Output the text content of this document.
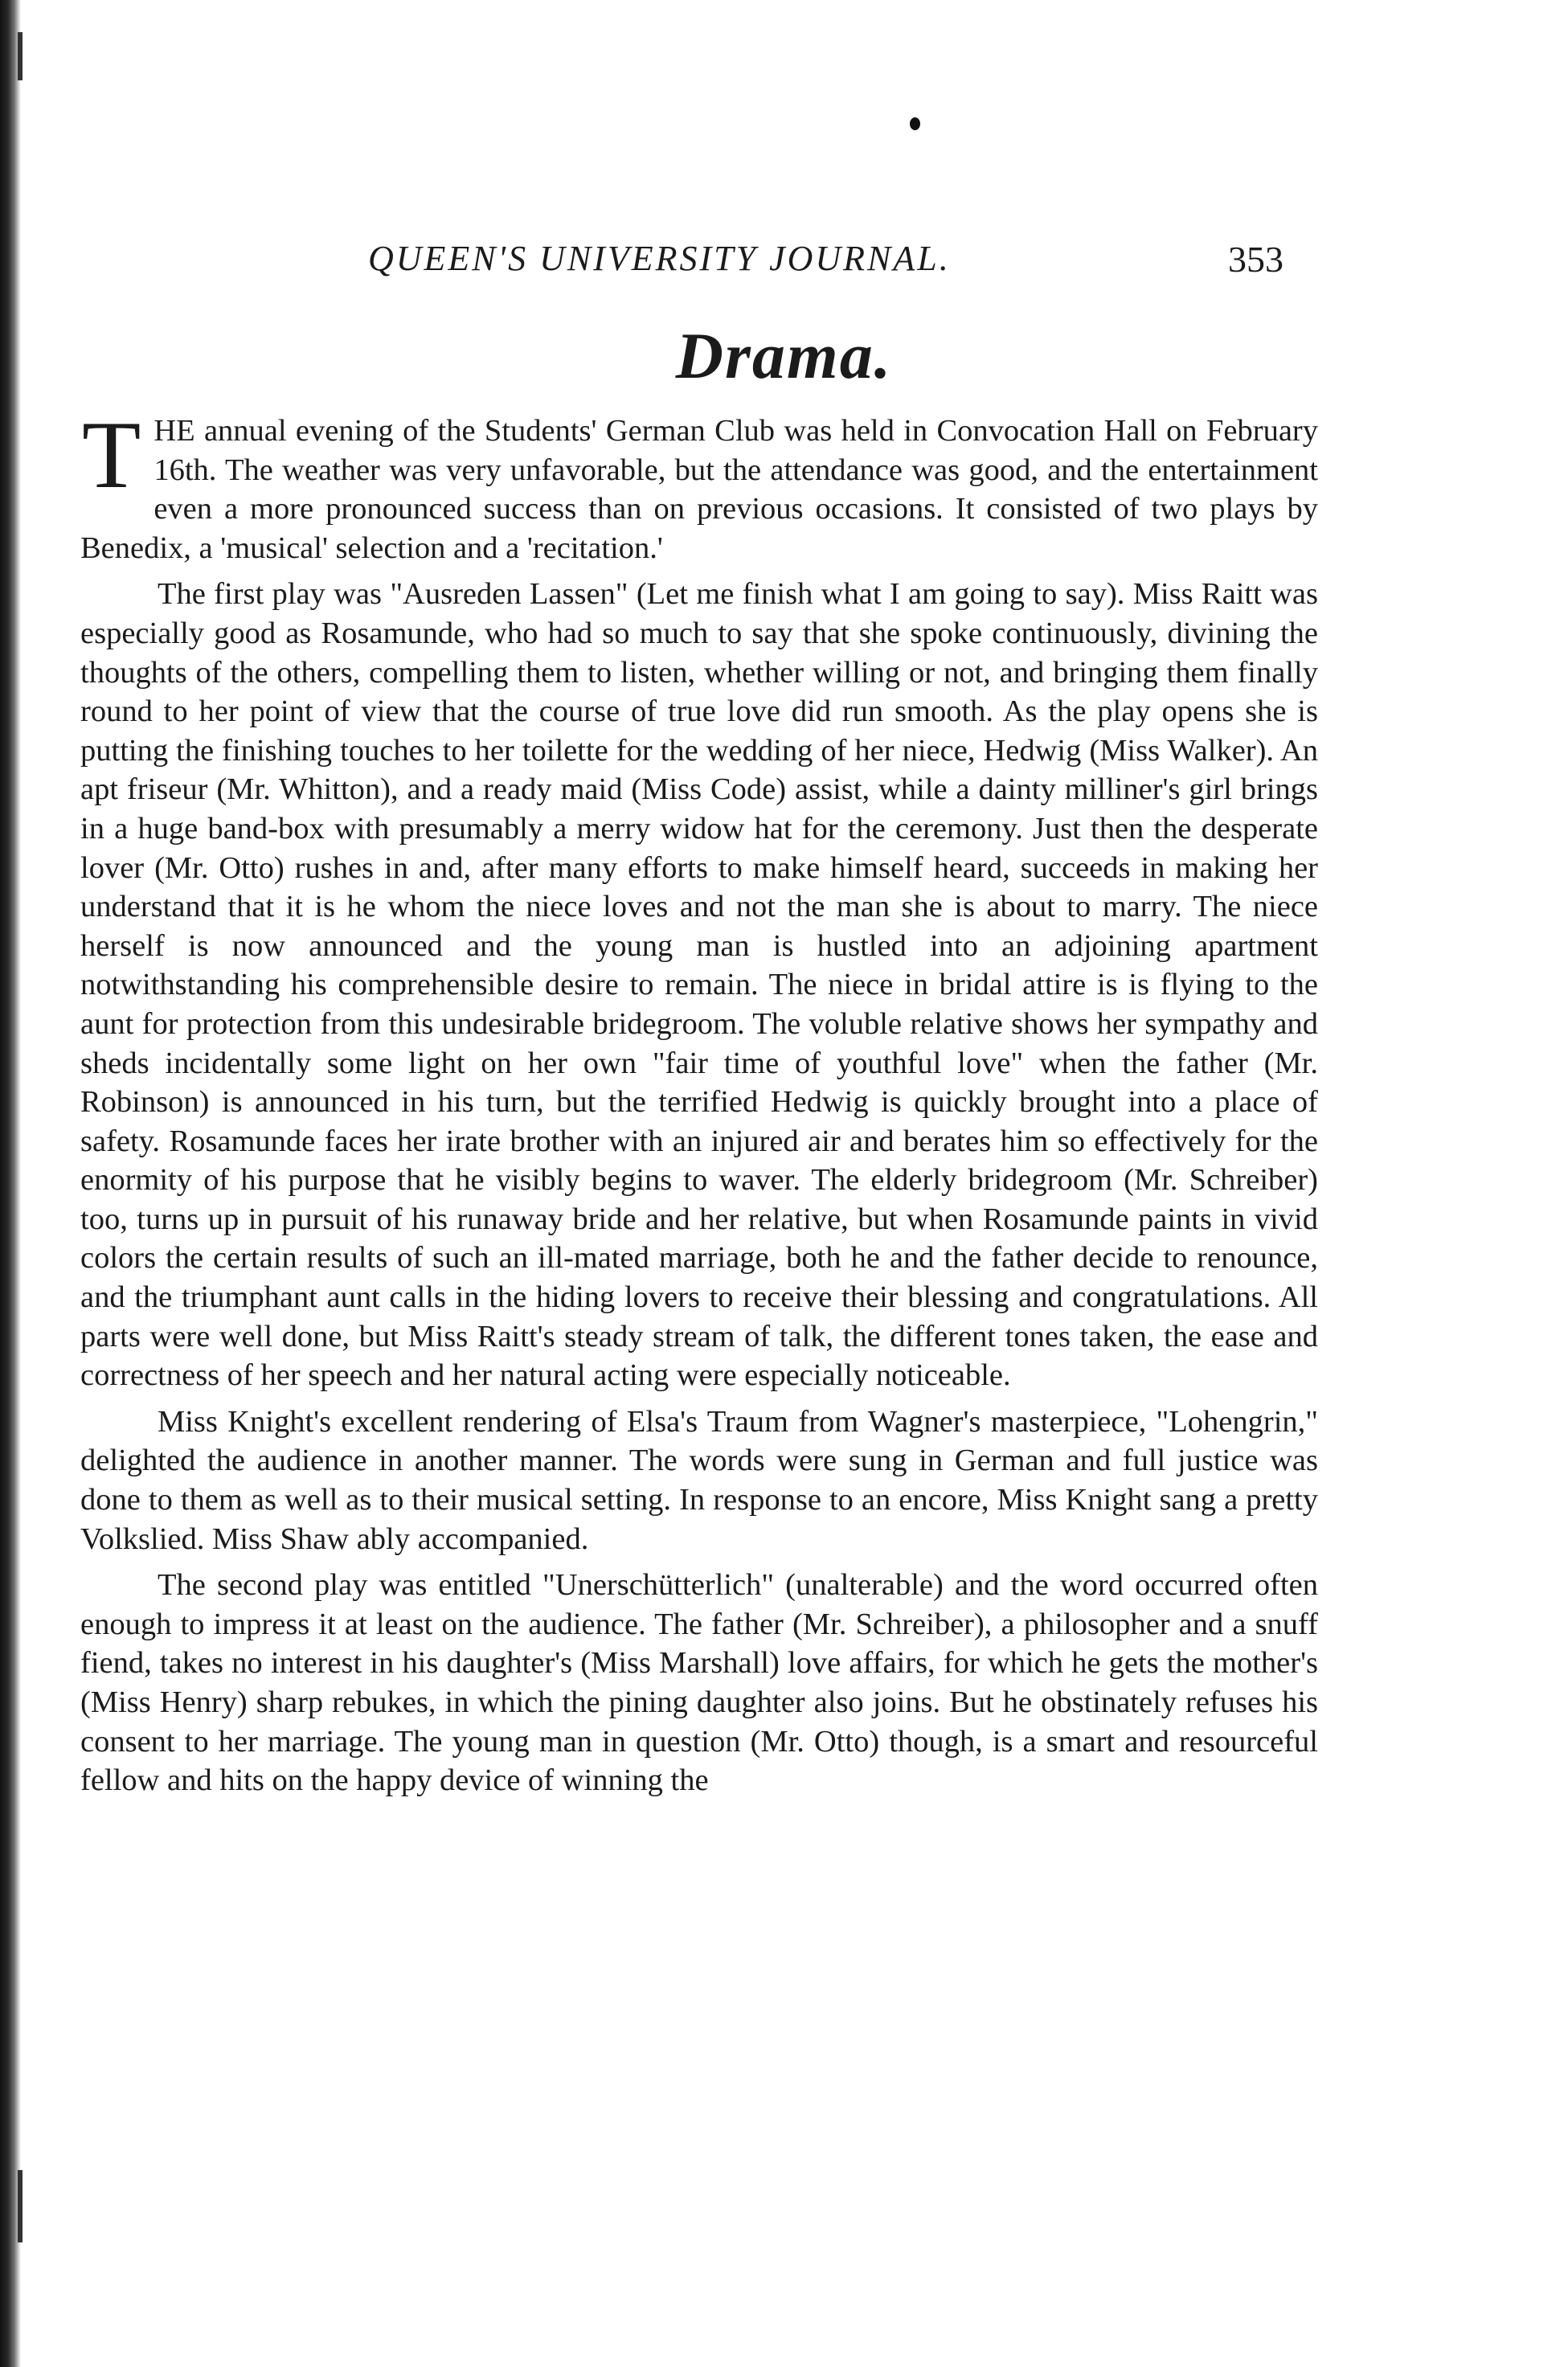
QUEEN'S UNIVERSITY JOURNAL.	353
Drama.

THE annual evening of the Students' German Club was held in Convocation Hall on February 16th. The weather was very unfavorable, but the attendance was good, and the entertainment even a more pronounced success than on previous occasions. It consisted of two plays by Benedix, a 'musical' selection and a 'recitation.'

The first play was "Ausreden Lassen" (Let me finish what I am going to say). Miss Raitt was especially good as Rosamunde, who had so much to say that she spoke continuously, divining the thoughts of the others, compelling them to listen, whether willing or not, and bringing them finally round to her point of view that the course of true love did run smooth. As the play opens she is putting the finishing touches to her toilette for the wedding of her niece, Hedwig (Miss Walker). An apt friseur (Mr. Whitton), and a ready maid (Miss Code) assist, while a dainty milliner's girl brings in a huge band-box with presumably a merry widow hat for the ceremony. Just then the desperate lover (Mr. Otto) rushes in and, after many efforts to make himself heard, succeeds in making her understand that it is he whom the niece loves and not the man she is about to marry. The niece herself is now announced and the young man is hustled into an adjoining apartment notwithstanding his comprehensible desire to remain. The niece in bridal attire is is flying to the aunt for protection from this undesirable bridegroom. The voluble relative shows her sympathy and sheds incidentally some light on her own "fair time of youthful love" when the father (Mr. Robinson) is announced in his turn, but the terrified Hedwig is quickly brought into a place of safety. Rosamunde faces her irate brother with an injured air and berates him so effectively for the enormity of his purpose that he visibly begins to waver. The elderly bridegroom (Mr. Schreiber) too, turns up in pursuit of his runaway bride and her relative, but when Rosamunde paints in vivid colors the certain results of such an ill-mated marriage, both he and the father decide to renounce, and the triumphant aunt calls in the hiding lovers to receive their blessing and congratulations. All parts were well done, but Miss Raitt's steady stream of talk, the different tones taken, the ease and correctness of her speech and her natural acting were especially noticeable.

Miss Knight's excellent rendering of Elsa's Traum from Wagner's masterpiece, "Lohengrin," delighted the audience in another manner. The words were sung in German and full justice was done to them as well as to their musical setting. In response to an encore, Miss Knight sang a pretty Volkslied. Miss Shaw ably accompanied.

The second play was entitled "Unerschütterlich" (unalterable) and the word occurred often enough to impress it at least on the audience. The father (Mr. Schreiber), a philosopher and a snuff fiend, takes no interest in his daughter's (Miss Marshall) love affairs, for which he gets the mother's (Miss Henry) sharp rebukes, in which the pining daughter also joins. But he obstinately refuses his consent to her marriage. The young man in question (Mr. Otto) though, is a smart and resourceful fellow and hits on the happy device of winning the
